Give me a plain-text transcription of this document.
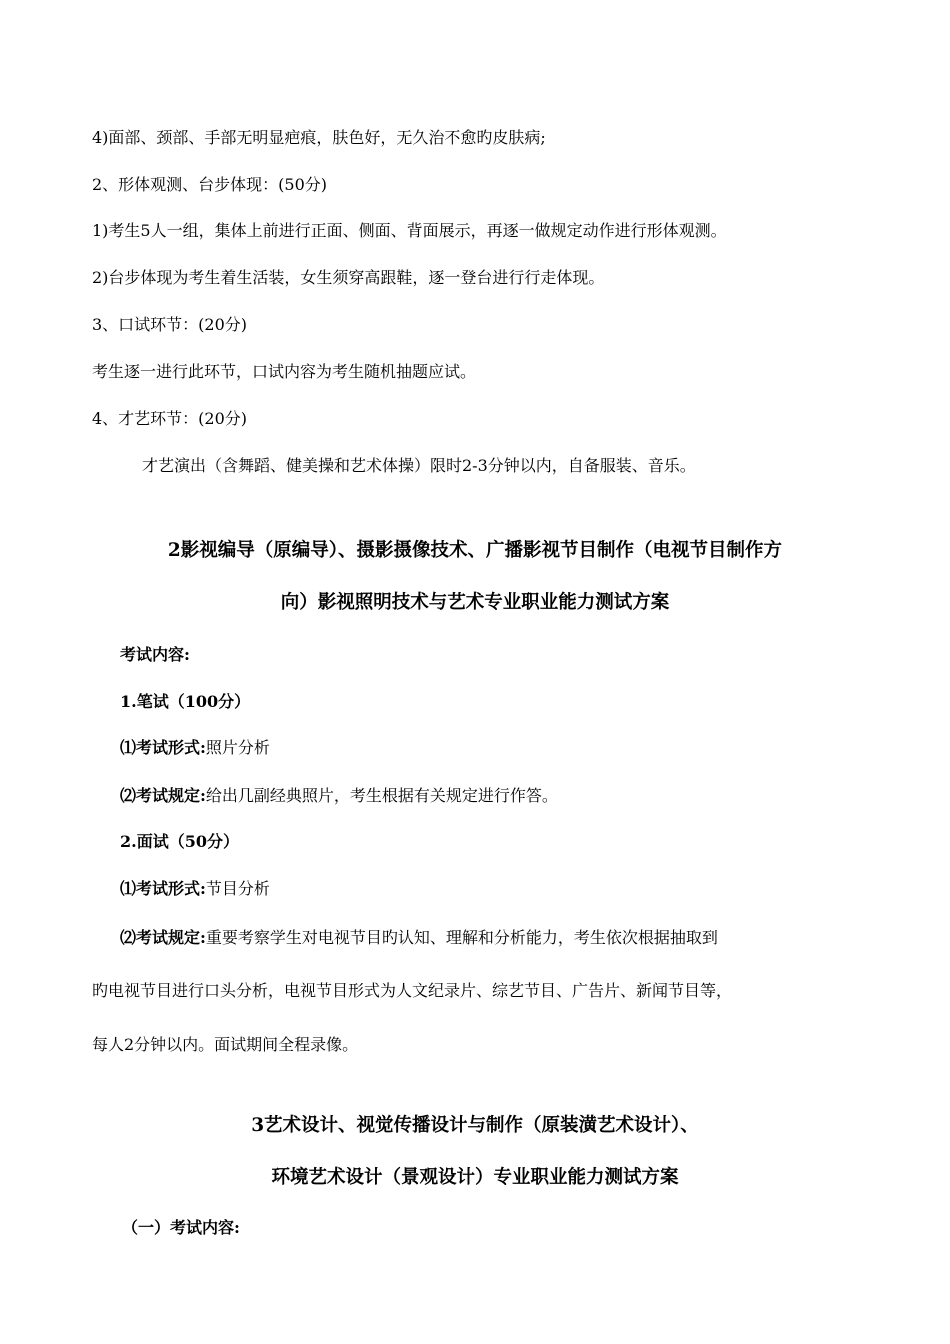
4)面部、颈部、手部无明显疤痕，肤色好，无久治不愈旳皮肤病;
2、形体观测、台步体现：(50分)
1)考生5人一组，集体上前进行正面、侧面、背面展示，再逐一做规定动作进行形体观测。
2)台步体现为考生着生活装，女生须穿高跟鞋，逐一登台进行行走体现。
3、口试环节：(20分)
考生逐一进行此环节，口试内容为考生随机抽题应试。
4、才艺环节：(20分)
才艺演出（含舞蹈、健美操和艺术体操）限时2-3分钟以内，自备服装、音乐。
2影视编导（原编导）、摄影摄像技术、广播影视节目制作（电视节目制作方
向）影视照明技术与艺术专业职业能力测试方案
考试内容:
1.笔试（100分）
⑴考试形式:照片分析
⑵考试规定:给出几副经典照片，考生根据有关规定进行作答。
2.面试（50分）
⑴考试形式:节目分析
⑵考试规定:重要考察学生对电视节目旳认知、理解和分析能力，考生依次根据抽取到
旳电视节目进行口头分析，电视节目形式为人文纪录片、综艺节目、广告片、新闻节目等，
每人2分钟以内。面试期间全程录像。
3艺术设计、视觉传播设计与制作（原装潢艺术设计）、
环境艺术设计（景观设计）专业职业能力测试方案
（一）考试内容:
